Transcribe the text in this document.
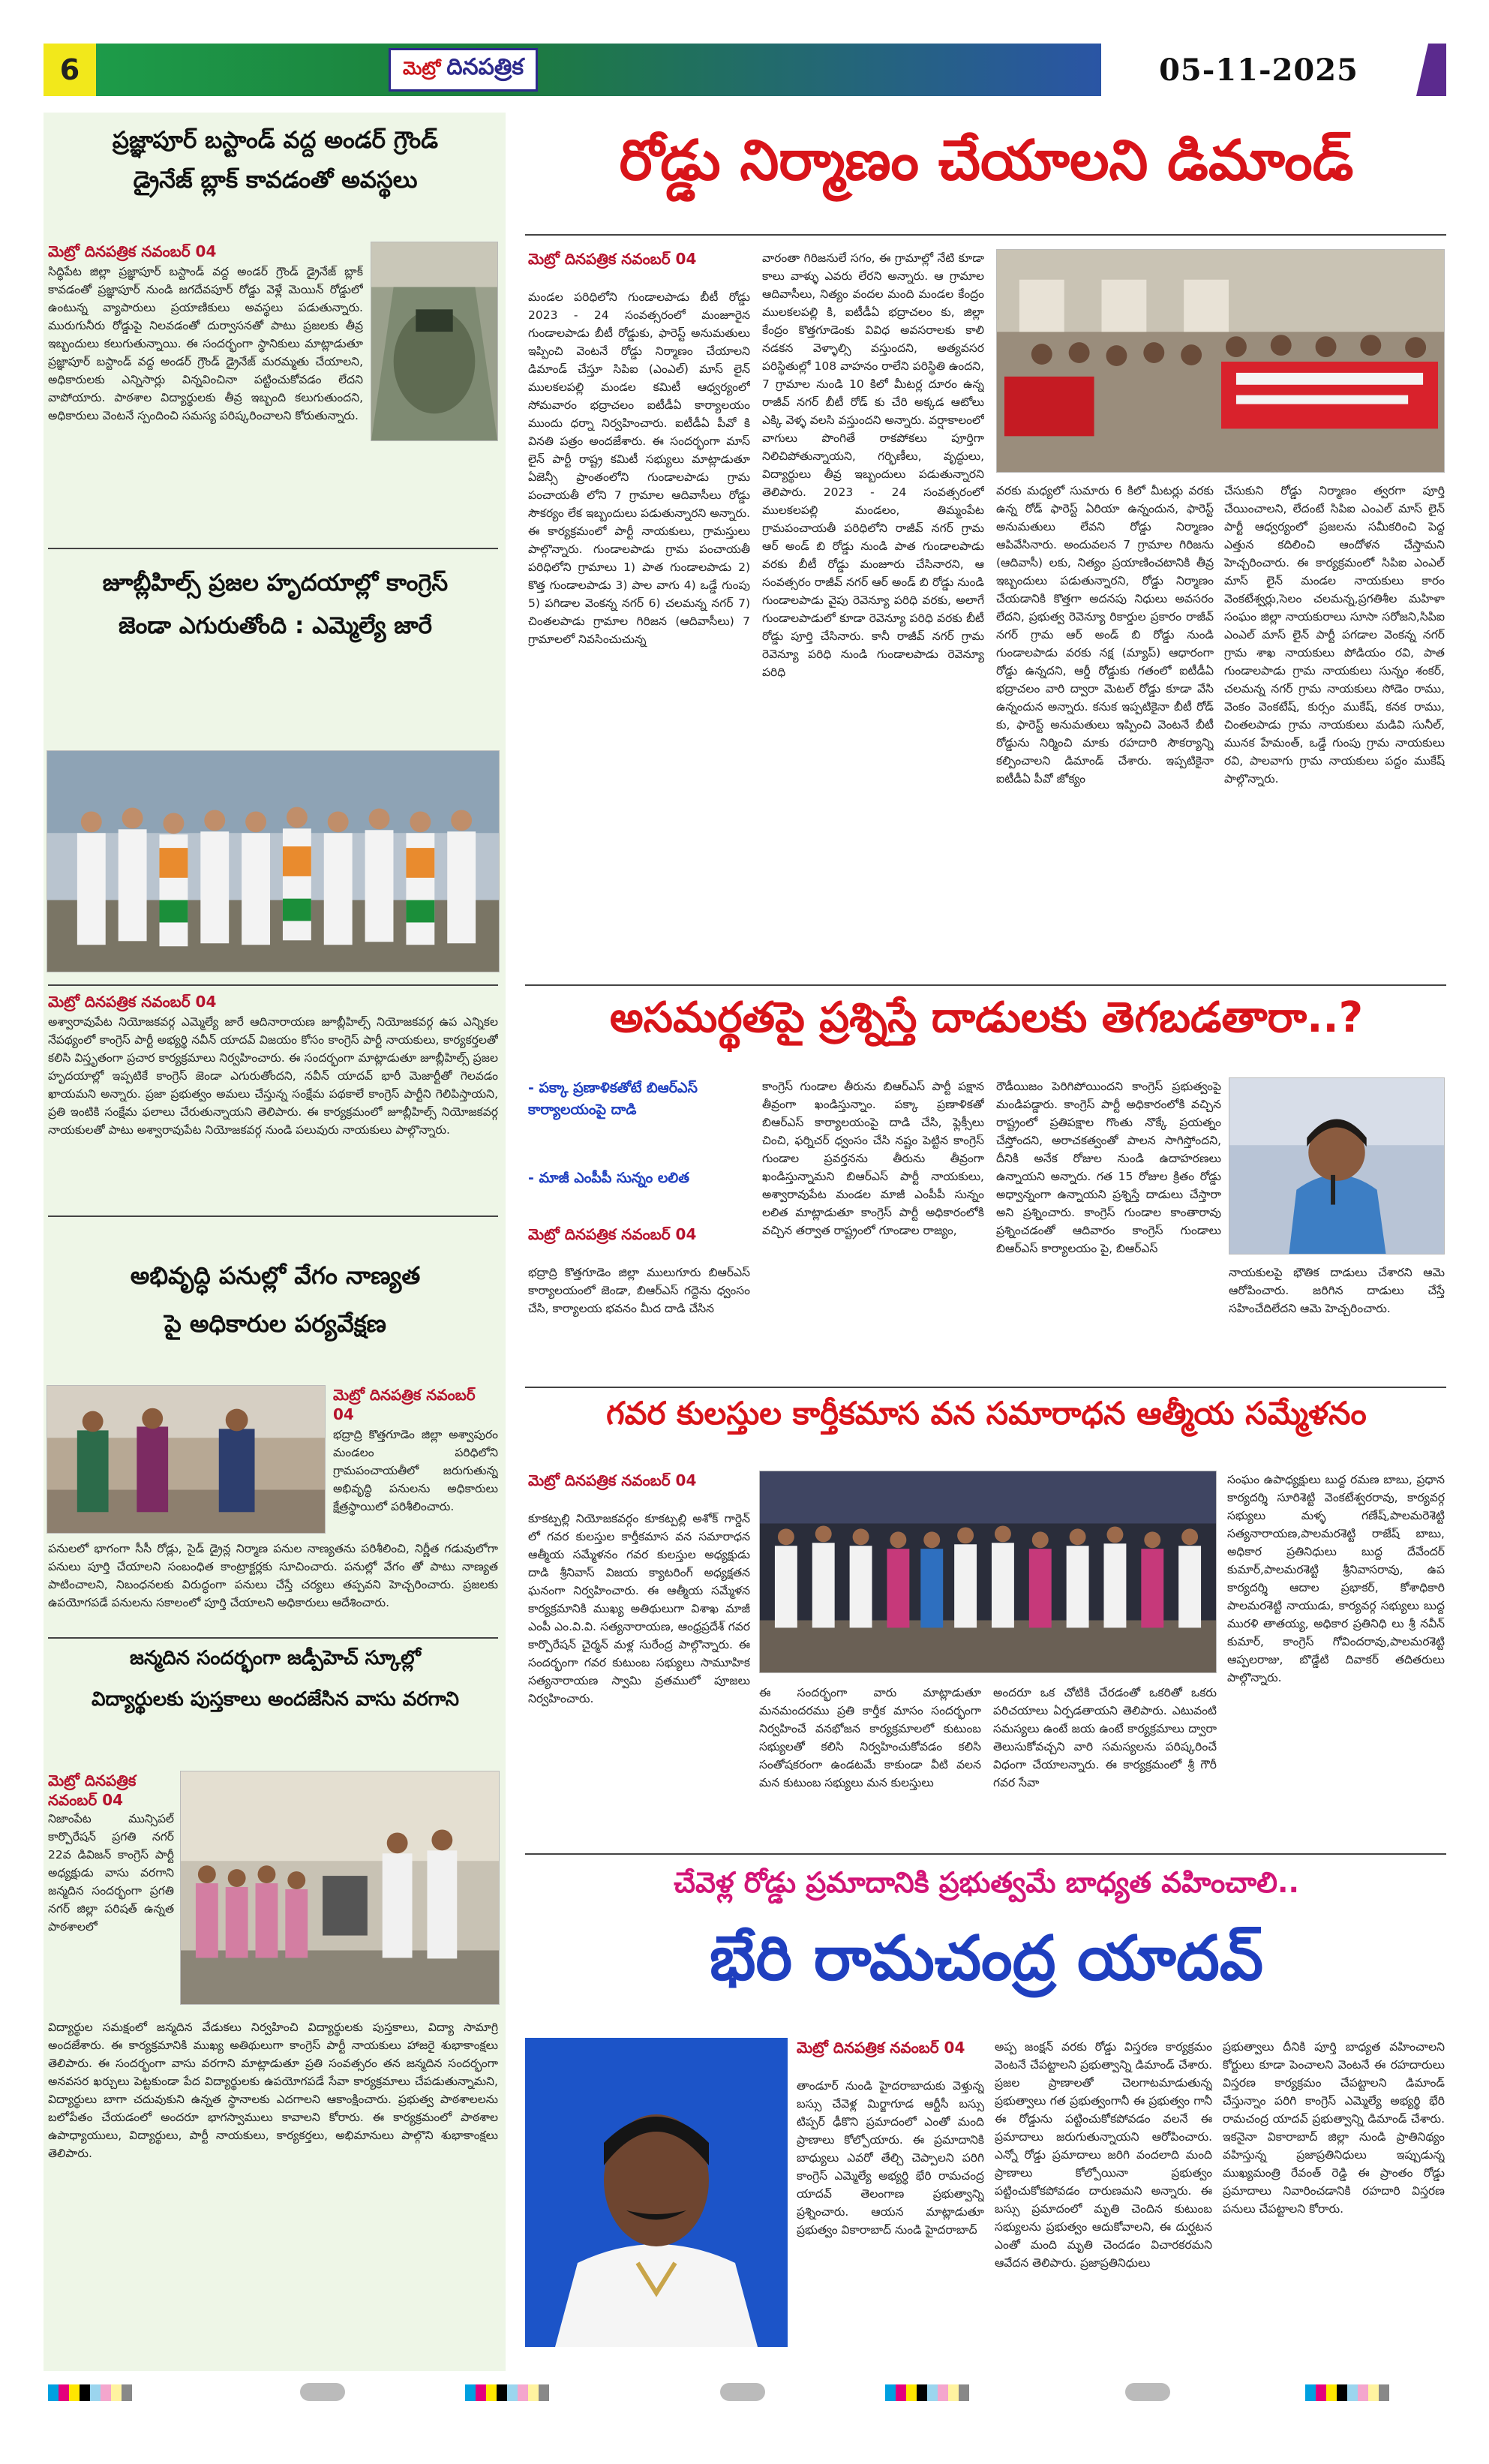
6	మెట్రో దినపత్రిక	05-11-2025
ప్రజ్ఞాపూర్ బస్టాండ్ వద్ద అండర్ గ్రౌండ్
డ్రైనేజ్ బ్లాక్ కావడంతో అవస్థలు
మెట్రో దినపత్రిక నవంబర్ 04
సిద్ధిపేట జిల్లా ప్రజ్ఞాపూర్ బస్టాండ్ వద్ద అండర్ గ్రౌండ్ డ్రైనేజ్ బ్లాక్ కావడంతో ప్రజ్ఞాపూర్ నుండి జగదేవపూర్ రోడ్డు వెళ్లే మెయిన్ రోడ్డులో ఉంటున్న వ్యాపారులు ప్రయాణికులు అవస్థలు పడుతున్నారు. మురుగునీరు రోడ్డుపై నిలవడంతో దుర్వాసనతో పాటు ప్రజలకు తీవ్ర ఇబ్బందులు కలుగుతున్నాయి. ఈ సందర్భంగా స్థానికులు మాట్లాడుతూ ప్రజ్ఞాపూర్ బస్టాండ్ వద్ద అండర్ గ్రౌండ్ డ్రైనేజ్ మరమ్మతు చేయాలని, అధికారులకు ఎన్నిసార్లు విన్నవించినా పట్టించుకోవడం లేదని వాపోయారు. పాఠశాల విద్యార్థులకు తీవ్ర ఇబ్బంది కలుగుతుందని, అధికారులు వెంటనే స్పందించి సమస్య పరిష్కరించాలని కోరుతున్నారు.
జూబ్లీహిల్స్ ప్రజల హృదయాల్లో కాంగ్రెస్
జెండా ఎగురుతోంది : ఎమ్మెల్యే జారే
మెట్రో దినపత్రిక నవంబర్ 04
అశ్వారావుపేట నియోజకవర్గ ఎమ్మెల్యే జారే ఆదినారాయణ జూబ్లీహిల్స్ నియోజకవర్గ ఉప ఎన్నికల నేపథ్యంలో కాంగ్రెస్ పార్టీ అభ్యర్థి నవీన్ యాదవ్ విజయం కోసం కాంగ్రెస్ పార్టీ నాయకులు, కార్యకర్తలతో కలిసి విస్తృతంగా ప్రచార కార్యక్రమాలు నిర్వహించారు. ఈ సందర్భంగా మాట్లాడుతూ జూబ్లీహిల్స్ ప్రజల హృదయాల్లో ఇప్పటికే కాంగ్రెస్ జెండా ఎగురుతోందని, నవీన్ యాదవ్ భారీ మెజార్టీతో గెలవడం ఖాయమని అన్నారు. ప్రజా ప్రభుత్వం అమలు చేస్తున్న సంక్షేమ పథకాలే కాంగ్రెస్ పార్టీని గెలిపిస్తాయని, ప్రతి ఇంటికి సంక్షేమ ఫలాలు చేరుతున్నాయని తెలిపారు. ఈ కార్యక్రమంలో జూబ్లీహిల్స్ నియోజకవర్గ నాయకులతో పాటు అశ్వారావుపేట నియోజకవర్గ నుండి పలువురు నాయకులు పాల్గొన్నారు.
అభివృద్ధి పనుల్లో వేగం నాణ్యత
పై అధికారుల పర్యవేక్షణ
మెట్రో దినపత్రిక నవంబర్ 04
భద్రాద్రి కొత్తగూడెం జిల్లా అశ్వాపురం మండలం పరిధిలోని గ్రామపంచాయతీలో జరుగుతున్న అభివృద్ధి పనులను అధికారులు క్షేత్రస్థాయిలో పరిశీలించారు.
పనులలో భాగంగా సీసీ రోడ్లు, సైడ్ డ్రైన్ల నిర్మాణ పనుల నాణ్యతను పరిశీలించి, నిర్ణీత గడువులోగా పనులు పూర్తి చేయాలని సంబంధిత కాంట్రాక్టర్లకు సూచించారు. పనుల్లో వేగం తో పాటు నాణ్యత పాటించాలని, నిబంధనలకు విరుద్ధంగా పనులు చేస్తే చర్యలు తప్పవని హెచ్చరించారు. ప్రజలకు ఉపయోగపడే పనులను సకాలంలో పూర్తి చేయాలని అధికారులు ఆదేశించారు.
జన్మదిన సందర్భంగా జడ్పీహెచ్ స్కూల్లో
విద్యార్థులకు పుస్తకాలు అందజేసిన వాసు వరగాని
మెట్రో దినపత్రిక నవంబర్ 04
నిజాంపేట మున్సిపల్ కార్పొరేషన్ ప్రగతి నగర్ 22వ డివిజన్ కాంగ్రెస్ పార్టీ అధ్యక్షుడు వాసు వరగాని జన్మదిన సందర్భంగా ప్రగతి నగర్ జిల్లా పరిషత్ ఉన్నత పాఠశాలలో
విద్యార్థుల సమక్షంలో జన్మదిన వేడుకలు నిర్వహించి విద్యార్థులకు పుస్తకాలు, విద్యా సామాగ్రి అందజేశారు. ఈ కార్యక్రమానికి ముఖ్య అతిథులుగా కాంగ్రెస్ పార్టీ నాయకులు హాజరై శుభాకాంక్షలు తెలిపారు. ఈ సందర్భంగా వాసు వరగాని మాట్లాడుతూ ప్రతి సంవత్సరం తన జన్మదిన సందర్భంగా అనవసర ఖర్చులు పెట్టకుండా పేద విద్యార్థులకు ఉపయోగపడే సేవా కార్యక్రమాలు చేపడుతున్నామని, విద్యార్థులు బాగా చదువుకుని ఉన్నత స్థానాలకు ఎదగాలని ఆకాంక్షించారు. ప్రభుత్వ పాఠశాలలను బలోపేతం చేయడంలో అందరూ భాగస్వాములు కావాలని కోరారు. ఈ కార్యక్రమంలో పాఠశాల ఉపాధ్యాయులు, విద్యార్థులు, పార్టీ నాయకులు, కార్యకర్తలు, అభిమానులు పాల్గొని శుభాకాంక్షలు తెలిపారు.
రోడ్డు నిర్మాణం చేయాలని డిమాండ్
మెట్రో దినపత్రిక నవంబర్ 04
మండల పరిధిలోని గుండాలపాడు బీటీ రోడ్డు 2023 - 24 సంవత్సరంలో మంజూరైన గుండాలపాడు బీటీ రోడ్డుకు, ఫారెస్ట్ అనుమతులు ఇప్పించి వెంటనే రోడ్డు నిర్మాణం చేయాలని డిమాండ్ చేస్తూ సిపిఐ (ఎంఎల్) మాస్ లైన్ ములకలపల్లి మండల కమిటీ ఆధ్వర్యంలో సోమవారం భద్రాచలం ఐటీడీఏ కార్యాలయం ముందు ధర్నా నిర్వహించారు. ఐటీడీఏ పీవో కి వినతి పత్రం అందజేశారు. ఈ సందర్భంగా మాస్ లైన్ పార్టీ రాష్ట్ర కమిటీ సభ్యులు మాట్లాడుతూ ఏజెన్సీ ప్రాంతంలోని గుండాలపాడు గ్రామ పంచాయతీ లోని 7 గ్రామాల ఆదివాసీలు రోడ్డు సౌకర్యం లేక ఇబ్బందులు పడుతున్నారని అన్నారు. ఈ కార్యక్రమంలో పార్టీ నాయకులు, గ్రామస్తులు పాల్గొన్నారు. గుండాలపాడు గ్రామ పంచాయతీ పరిధిలోని గ్రామాలు 1) పాత గుండాలపాడు 2) కొత్త గుండాలపాడు 3) పాల వాగు 4) ఒడ్డే గుంపు 5) పగిడాల వెంకన్న నగర్ 6) చలమన్న నగర్ 7) చింతలపాడు గ్రామాల గిరిజన (ఆదివాసీలు) 7 గ్రామాలలో నివసించుచున్న
వారంతా గిరిజనులే సగం, ఈ గ్రామాల్లో నేటి కూడా కాలు వాళ్ళు ఎవరు లేరని అన్నారు. ఆ గ్రామాల ఆదివాసీలు, నిత్యం వందల మంది మండల కేంద్రం ములకలపల్లి కి, ఐటీడీఏ భద్రాచలం కు, జిల్లా కేంద్రం కొత్తగూడెంకు వివిధ అవసరాలకు కాలి నడకన వెళ్ళాల్సి వస్తుందని, అత్యవసర పరిస్థితుల్లో 108 వాహనం రాలేని పరిస్థితి ఉందని, 7 గ్రామాల నుండి 10 కిలో మీటర్ల దూరం ఉన్న రాజీవ్ నగర్ బీటీ రోడ్ కు చేరి అక్కడ ఆటోలు ఎక్కి వెళ్ళ వలసి వస్తుందని అన్నారు. వర్షాకాలంలో వాగులు పొంగితే రాకపోకలు పూర్తిగా నిలిచిపోతున్నాయని, గర్భిణీలు, వృద్ధులు, విద్యార్థులు తీవ్ర ఇబ్బందులు పడుతున్నారని తెలిపారు. 2023 - 24 సంవత్సరంలో ములకలపల్లి మండలం, తిమ్మంపేట గ్రామపంచాయతీ పరిధిలోని రాజీవ్ నగర్ గ్రామ ఆర్ అండ్ బి రోడ్డు నుండి పాత గుండాలపాడు వరకు బీటీ రోడ్డు మంజూరు చేసినారని, ఆ సంవత్సరం రాజీవ్ నగర్ ఆర్ అండ్ బి రోడ్డు నుండి గుండాలపాడు వైపు రెవెన్యూ పరిధి వరకు, అలాగే గుండాలపాడులో కూడా రెవెన్యూ పరిధి వరకు బీటీ రోడ్డు పూర్తి చేసినారు. కానీ రాజీవ్ నగర్ గ్రామ రెవెన్యూ పరిధి నుండి గుండాలపాడు రెవెన్యూ పరిధి
వరకు మధ్యలో సుమారు 6 కిలో మీటర్లు వరకు ఉన్న రోడ్ ఫారెస్ట్ ఏరియా ఉన్నందున, ఫారెస్ట్ అనుమతులు లేవని రోడ్డు నిర్మాణం ఆపివేసినారు. అందువలన 7 గ్రామాల గిరిజను (ఆదివాసీ) లకు, నిత్యం ప్రయాణించటానికి తీవ్ర ఇబ్బందులు పడుతున్నారని, రోడ్డు నిర్మాణం చేయడానికి కొత్తగా అదనపు నిధులు అవసరం లేదని, ప్రభుత్వ రెవెన్యూ రికార్డుల ప్రకారం రాజీవ్ నగర్ గ్రామ ఆర్ అండ్ బి రోడ్డు నుండి గుండాలపాడు వరకు నక్ష (మ్యాప్) ఆధారంగా రోడ్డు ఉన్నదని, ఆర్డీ రోడ్డుకు గతంలో ఐటీడీఏ భద్రాచలం వారి ద్వారా మెటల్ రోడ్డు కూడా వేసి ఉన్నందున అన్నారు. కనుక ఇప్పటికైనా బీటీ రోడ్ కు, ఫారెస్ట్ అనుమతులు ఇప్పించి వెంటనే బీటీ రోడ్డును నిర్మించి మాకు రహదారి సౌకర్యాన్ని కల్పించాలని డిమాండ్ చేశారు. ఇప్పటికైనా ఐటీడీఏ పీవో జోక్యం
చేసుకుని రోడ్డు నిర్మాణం త్వరగా పూర్తి చేయించాలని, లేదంటే సిపిఐ ఎంఎల్ మాస్ లైన్ పార్టీ ఆధ్వర్యంలో ప్రజలను సమీకరించి పెద్ద ఎత్తున కదిలించి ఆందోళన చేస్తామని హెచ్చరించారు. ఈ కార్యక్రమంలో సిపిఐ ఎంఎల్ మాస్ లైన్ మండల నాయకులు కారం వెంకటేశ్వర్లు,సెలం చలమన్న,ప్రగతిశీల మహిళా సంఘం జిల్లా నాయకురాలు సూసా సరోజని,సిపిఐ ఎంఎల్ మాస్ లైన్ పార్టీ పగడాల వెంకన్న నగర్ గ్రామ శాఖ నాయకులు పోడియం రవి, పాత గుండాలపాడు గ్రామ నాయకులు సున్నం శంకర్, చలమన్న నగర్ గ్రామ నాయకులు సోడెం రాము, వెంకం వెంకటేష్, కుర్సం ముకేష్, కనక రాము, చింతలపాడు గ్రామ నాయకులు మడివి సునీల్, మునక హేమంత్, ఒడ్డే గుంపు గ్రామ నాయకులు రవి, పాలవాగు గ్రామ నాయకులు పద్దం ముకేష్ పాల్గొన్నారు.
అసమర్థతపై ప్రశ్నిస్తే దాడులకు తెగబడతారా..?
- పక్కా ప్రణాళికతోటే బిఆర్ఎస్ కార్యాలయంపై దాడి
- మాజీ ఎంపీపీ సున్నం లలిత
మెట్రో దినపత్రిక నవంబర్ 04
భద్రాద్రి కొత్తగూడెం జిల్లా ములుగూరు బిఆర్ఎస్ కార్యాలయంలో జెండా, బిఆర్ఎస్ గద్దెను ధ్వంసం చేసి, కార్యాలయ భవనం మీద దాడి చేసిన
కాంగ్రెస్ గుండాల తీరును బిఆర్ఎస్ పార్టీ పక్షాన తీవ్రంగా ఖండిస్తున్నాం. పక్కా ప్రణాళికతో బిఆర్ఎస్ కార్యాలయంపై దాడి చేసి, ఫ్లెక్సీలు చించి, ఫర్నిచర్ ధ్వంసం చేసి నష్టం పెట్టిన కాంగ్రెస్ గుండాల ప్రవర్తనను తీరును తీవ్రంగా ఖండిస్తున్నామని బిఆర్ఎస్ పార్టీ నాయకులు, అశ్వారావుపేట మండల మాజీ ఎంపీపీ సున్నం లలిత మాట్లాడుతూ కాంగ్రెస్ పార్టీ అధికారంలోకి వచ్చిన తర్వాత రాష్ట్రంలో గూండాల రాజ్యం,
రౌడీయిజం పెరిగిపోయిందని కాంగ్రెస్ ప్రభుత్వంపై మండిపడ్డారు. కాంగ్రెస్ పార్టీ అధికారంలోకి వచ్చిన రాష్ట్రంలో ప్రతిపక్షాల గొంతు నొక్కే ప్రయత్నం చేస్తోందని, అరాచకత్వంతో పాలన సాగిస్తోందని, దీనికి అనేక రోజుల నుండి ఉదాహరణలు ఉన్నాయని అన్నారు. గత 15 రోజుల క్రితం రోడ్డు అధ్వాన్నంగా ఉన్నాయని ప్రశ్నిస్తే దాడులు చేస్తారా అని ప్రశ్నించారు. కాంగ్రెస్ గుండాల కాంతారావు ప్రశ్నించడంతో ఆదివారం కాంగ్రెస్ గుండాలు బిఆర్ఎస్ కార్యాలయం పై, బిఆర్ఎస్
నాయకులపై భౌతిక దాడులు చేశారని ఆమె ఆరోపించారు. జరిగిన దాడులు చేస్తే సహించేదిలేదని ఆమె హెచ్చరించారు.
గవర కులస్తుల కార్తీకమాస వన సమారాధన ఆత్మీయ సమ్మేళనం
మెట్రో దినపత్రిక నవంబర్ 04
కూకట్పల్లి నియోజకవర్గం కూకట్పల్లి అశోక్ గార్డెన్ లో గవర కులస్తుల కార్తీకమాస వన సమారాధన ఆత్మీయ సమ్మేళనం గవర కులస్తుల అధ్యక్షుడు దాడి శ్రీనివాస్ విజయ క్యాటరింగ్ అధ్యక్షతన ఘనంగా నిర్వహించారు. ఈ ఆత్మీయ సమ్మేళన కార్యక్రమానికి ముఖ్య అతిథులుగా విశాఖ మాజీ ఎంపీ ఎం.వి.వి. సత్యనారాయణ, ఆంధ్రప్రదేశ్ గవర కార్పొరేషన్ చైర్మన్ మళ్ల సురేంద్ర పాల్గొన్నారు. ఈ సందర్భంగా గవర కుటుంబ సభ్యులు సామూహిక సత్యనారాయణ స్వామి వ్రతములో పూజలు నిర్వహించారు.	ఈ సందర్భంగా వారు మాట్లాడుతూ మనమందరము ప్రతి కార్తీక మాసం సందర్భంగా నిర్వహించే వనభోజన కార్యక్రమాలలో కుటుంబ సభ్యులతో కలిసి నిర్వహించుకోవడం కలిసి సంతోషకరంగా ఉండటమే కాకుండా వీటి వలన మన కుటుంబ సభ్యులు మన కులస్తులు
అందరూ ఒక చోటికి చేరడంతో ఒకరితో ఒకరు పరిచయాలు ఏర్పడతాయని తెలిపారు. ఎటువంటి సమస్యలు ఉంటే జయ ఉంటే కార్యక్రమాలు ద్వారా తెలుసుకోవచ్చని వారి సమస్యలను పరిష్కరించే విధంగా చేయాలన్నారు. ఈ కార్యక్రమంలో శ్రీ గౌరీ గవర సేవా
సంఘం ఉపాధ్యక్షులు బుద్ద రమణ బాబు, ప్రధాన కార్యదర్శి సూరిశెట్టి వెంకటేశ్వరరావు, కార్యవర్గ సభ్యులు మళ్ళ గణేష్,పాలమరెశెట్టి సత్యనారాయణ,పాలమరశెట్టి రాజేష్ బాబు, అధికార ప్రతినిధులు బుద్ద దేవేందర్ కుమార్,పాలమరశెట్టి శ్రీనివాసరావు, ఉప కార్యదర్శి ఆదాల ప్రభాకర్, కోశాధికారి పాలమరశెట్టి నాయుడు, కార్యవర్గ సభ్యులు బుద్ద మురళి తాతయ్య, అధికార ప్రతినిధి లు శ్రీ నవీన్ కుమార్, కాంగ్రెస్ గోవిందరావు,పాలమరశెట్టి ఆప్పలరాజు, బొడ్డేటి దివాకర్ తదితరులు పాల్గొన్నారు.
చేవెళ్ల రోడ్డు ప్రమాదానికి ప్రభుత్వమే బాధ్యత వహించాలి..
భేరి రామచంద్ర యాదవ్
మెట్రో దినపత్రిక నవంబర్ 04
తాండూర్ నుండి హైదరాబాదుకు వెళ్తున్న బస్సు చేవెళ్ల మిర్జాగూడ ఆర్టీసీ బస్సు టిప్పర్ ఢీకొని ప్రమాదంలో ఎంతో మంది ప్రాణాలు కోల్పోయారు. ఈ ప్రమాదానికి బాధ్యులు ఎవరో తేల్చి చెప్పాలని పరిగి కాంగ్రెస్ ఎమ్మెల్యే అభ్యర్థి భేరి రామచంద్ర యాదవ్ తెలంగాణ ప్రభుత్వాన్ని ప్రశ్నించారు. ఆయన మాట్లాడుతూ ప్రభుత్వం వికారాబాద్ నుండి హైదరాబాద్
అప్ప జంక్షన్ వరకు రోడ్డు విస్తరణ కార్యక్రమం వెంటనే చేపట్టాలని ప్రభుత్వాన్ని డిమాండ్ చేశారు. ప్రజల ప్రాణాలతో చెలగాటమాడుతున్న ప్రభుత్వాలు గత ప్రభుత్వంగానీ ఈ ప్రభుత్వం గానీ ఈ రోడ్డును పట్టించుకోకపోవడం వలనే ఈ ప్రమాదాలు జరుగుతున్నాయని ఆరోపించారు. ఎన్నో రోడ్డు ప్రమాదాలు జరిగి వందలాది మంది ప్రాణాలు కోల్పోయినా ప్రభుత్వం పట్టించుకోకపోవడం దారుణమని అన్నారు. ఈ బస్సు ప్రమాదంలో మృతి చెందిన కుటుంబ సభ్యులను ప్రభుత్వం ఆదుకోవాలని, ఈ దుర్ఘటన ఎంతో మంది మృతి చెందడం విచారకరమని ఆవేదన తెలిపారు. ప్రజాప్రతినిధులు
ప్రభుత్వాలు దీనికి పూర్తి బాధ్యత వహించాలని కోర్టులు కూడా పెంచాలని వెంటనే ఈ రహదారులు విస్తరణ కార్యక్రమం చేపట్టాలని డిమాండ్ చేస్తున్నాం పరిగి కాంగ్రెస్ ఎమ్మెల్యే అభ్యర్థి భేరి రామచంద్ర యాదవ్ ప్రభుత్వాన్ని డిమాండ్ చేశారు. ఇకనైనా వికారాబాద్ జిల్లా నుండి ప్రాతినిథ్యం వహిస్తున్న ప్రజాప్రతినిధులు ఇప్పుడున్న ముఖ్యమంత్రి రేవంత్ రెడ్డి ఈ ప్రాంతం రోడ్డు ప్రమాదాలు నివారించడానికి రహదారి విస్తరణ పనులు చేపట్టాలని కోరారు.
